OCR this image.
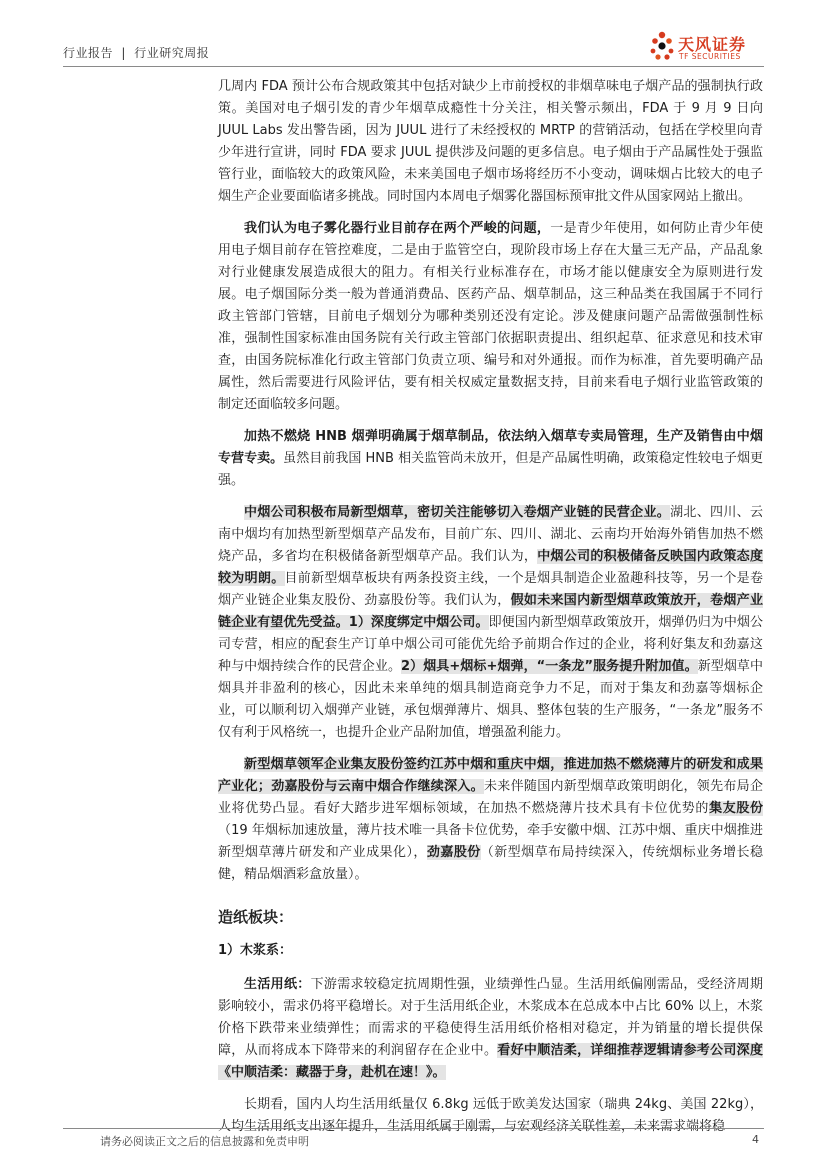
行业报告 | 行业研究周报	天风证券
TF SECURITIES

几周内 FDA 预计公布合规政策其中包括对缺少上市前授权的非烟草味电子烟产品的强制执行政策。美国对电子烟引发的青少年烟草成瘾性十分关注，相关警示频出，FDA 于 9 月 9 日向 JUUL Labs 发出警告函，因为 JUUL 进行了未经授权的 MRTP 的营销活动，包括在学校里向青少年进行宣讲，同时 FDA 要求 JUUL 提供涉及问题的更多信息。电子烟由于产品属性处于强监管行业，面临较大的政策风险，未来美国电子烟市场将经历不小变动，调味烟占比较大的电子烟生产企业要面临诸多挑战。同时国内本周电子烟雾化器国标预审批文件从国家网站上撤出。

我们认为电子雾化器行业目前存在两个严峻的问题，一是青少年使用，如何防止青少年使用电子烟目前存在管控难度，二是由于监管空白，现阶段市场上存在大量三无产品，产品乱象对行业健康发展造成很大的阻力。有相关行业标准存在，市场才能以健康安全为原则进行发展。电子烟国际分类一般为普通消费品、医药产品、烟草制品，这三种品类在我国属于不同行政主管部门管辖，目前电子烟划分为哪种类别还没有定论。涉及健康问题产品需做强制性标准，强制性国家标准由国务院有关行政主管部门依据职责提出、组织起草、征求意见和技术审查，由国务院标准化行政主管部门负责立项、编号和对外通报。而作为标准，首先要明确产品属性，然后需要进行风险评估，要有相关权威定量数据支持，目前来看电子烟行业监管政策的制定还面临较多问题。

加热不燃烧 HNB 烟弹明确属于烟草制品，依法纳入烟草专卖局管理，生产及销售由中烟专营专卖。虽然目前我国 HNB 相关监管尚未放开，但是产品属性明确，政策稳定性较电子烟更强。

中烟公司积极布局新型烟草，密切关注能够切入卷烟产业链的民营企业。湖北、四川、云南中烟均有加热型新型烟草产品发布，目前广东、四川、湖北、云南均开始海外销售加热不燃烧产品，多省均在积极储备新型烟草产品。我们认为，中烟公司的积极储备反映国内政策态度较为明朗。目前新型烟草板块有两条投资主线，一个是烟具制造企业盈趣科技等，另一个是卷烟产业链企业集友股份、劲嘉股份等。我们认为，假如未来国内新型烟草政策放开，卷烟产业链企业有望优先受益。1）深度绑定中烟公司。即便国内新型烟草政策放开，烟弹仍归为中烟公司专营，相应的配套生产订单中烟公司可能优先给予前期合作过的企业，将利好集友和劲嘉这种与中烟持续合作的民营企业。2）烟具+烟标+烟弹，“一条龙”服务提升附加值。新型烟草中烟具并非盈利的核心，因此未来单纯的烟具制造商竞争力不足，而对于集友和劲嘉等烟标企业，可以顺利切入烟弹产业链，承包烟弹薄片、烟具、整体包装的生产服务，“一条龙”服务不仅有利于风格统一，也提升企业产品附加值，增强盈利能力。

新型烟草领军企业集友股份签约江苏中烟和重庆中烟，推进加热不燃烧薄片的研发和成果产业化；劲嘉股份与云南中烟合作继续深入。未来伴随国内新型烟草政策明朗化，领先布局企业将优势凸显。看好大踏步进军烟标领域，在加热不燃烧薄片技术具有卡位优势的集友股份（19 年烟标加速放量，薄片技术唯一具备卡位优势，牵手安徽中烟、江苏中烟、重庆中烟推进新型烟草薄片研发和产业成果化），劲嘉股份（新型烟草布局持续深入，传统烟标业务增长稳健，精品烟酒彩盒放量）。

造纸板块：
1）木浆系：

生活用纸：下游需求较稳定抗周期性强，业绩弹性凸显。生活用纸偏刚需品，受经济周期影响较小，需求仍将平稳增长。对于生活用纸企业，木浆成本在总成本中占比 60% 以上，木浆价格下跌带来业绩弹性；而需求的平稳使得生活用纸价格相对稳定，并为销量的增长提供保障，从而将成本下降带来的利润留存在企业中。看好中顺洁柔，详细推荐逻辑请参考公司深度《中顺洁柔：藏器于身，赴机在速！》。

长期看，国内人均生活用纸量仅 6.8kg 远低于欧美发达国家（瑞典 24kg、美国 22kg），人均生活用纸支出逐年提升，生活用纸属于刚需，与宏观经济关联性差，未来需求端将稳

请务必阅读正文之后的信息披露和免责申明	4
